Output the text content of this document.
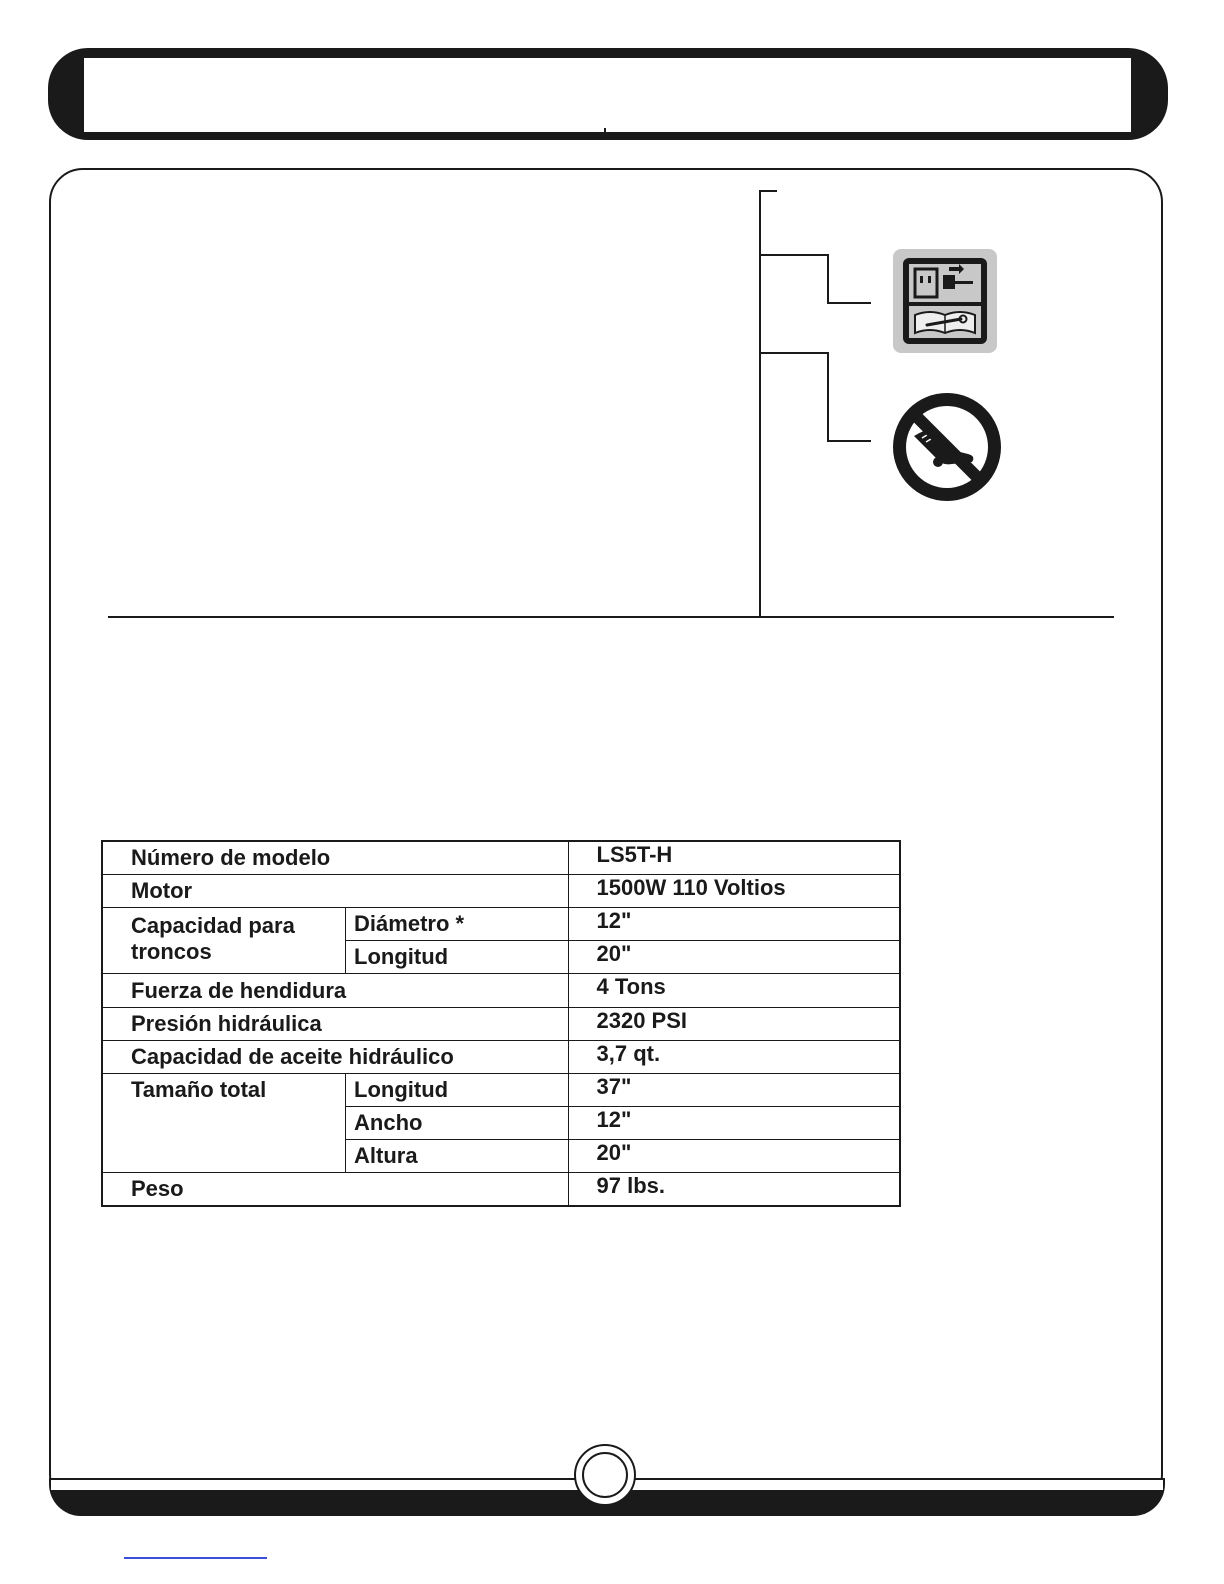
Número de modelo		LS5T-H
Motor		1500W 110 Voltios
Capacidad para troncos	Diámetro *	12"
	Longitud	20"
Fuerza de hendidura		4 Tons
Presión hidráulica		2320 PSI
Capacidad de aceite hidráulico		3,7 qt.
Tamaño total	Longitud	37"
	Ancho	12"
	Altura	20"
Peso		97 lbs.
